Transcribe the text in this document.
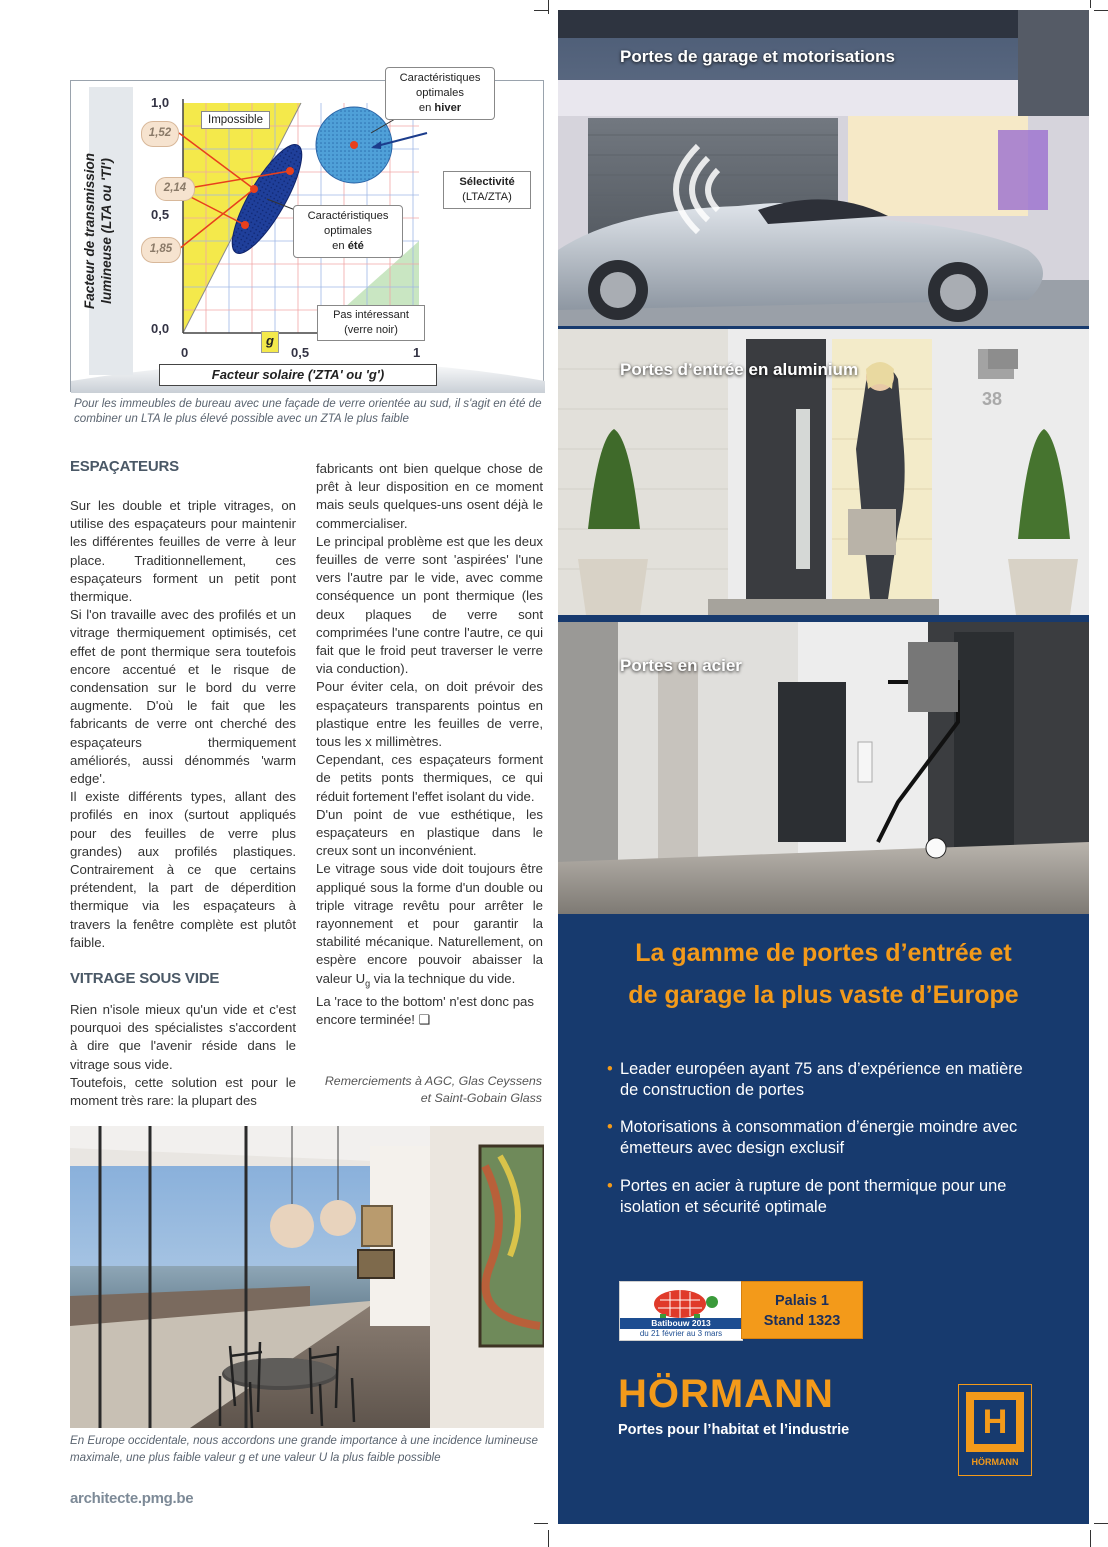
Facteur de transmission lumineuse (LTA ou 'Tl')
Facteur solaire ('ZTA' ou 'g')
1,0
0,5
0,0
0	0,5	1
g
1,52
2,14
1,85
Impossible
Caractéristiques
optimales
en hiver
Caractéristiques
optimales
en été
Sélectivité
(LTA/ZTA)
Pas intéressant
(verre noir)
Pour les immeubles de bureau avec une façade de verre orientée au sud, il s'agit en été de combiner un LTA le plus élevé possible avec un ZTA le plus faible
ESPAÇATEURS

Sur les double et triple vitrages, on utilise des espaçateurs pour maintenir les différentes feuilles de verre à leur place. Traditionnellement, ces espaçateurs forment un petit pont thermique.

Si l'on travaille avec des profilés et un vitrage thermiquement optimisés, cet effet de pont thermique sera toutefois encore accentué et le risque de condensation sur le bord du verre augmente. D'où le fait que les fabricants de verre ont cherché des espaçateurs thermiquement améliorés, aussi dénommés 'warm edge'.

Il existe différents types, allant des profilés en inox (surtout appliqués pour des feuilles de verre plus grandes) aux profilés plastiques. Contrairement à ce que certains prétendent, la part de déperdition thermique via les espaçateurs à travers la fenêtre complète est plutôt faible.

VITRAGE SOUS VIDE

Rien n'isole mieux qu'un vide et c'est pourquoi des spécialistes s'accordent à dire que l'avenir réside dans le vitrage sous vide.

Toutefois, cette solution est pour le moment très rare: la plupart des

fabricants ont bien quelque chose de prêt à leur disposition en ce moment mais seuls quelques-uns osent déjà le commercialiser.

Le principal problème est que les deux feuilles de verre sont 'aspirées' l'une vers l'autre par le vide, avec comme conséquence un pont thermique (les deux plaques de verre sont comprimées l'une contre l'autre, ce qui fait que le froid peut traverser le verre via conduction).

Pour éviter cela, on doit prévoir des espaçateurs transparents pointus en plastique entre les feuilles de verre, tous les x millimètres.

Cependant, ces espaçateurs forment de petits ponts thermiques, ce qui réduit fortement l'effet isolant du vide.

D'un point de vue esthétique, les espaçateurs en plastique dans le creux sont un inconvénient.

Le vitrage sous vide doit toujours être appliqué sous la forme d'un double ou triple vitrage revêtu pour arrêter le rayonnement et pour garantir la stabilité mécanique. Naturellement, on espère encore pouvoir abaisser la valeur $U_g$ via la technique du vide.

La 'race to the bottom' n'est donc pas encore terminée! ❑

Remerciements à AGC, Glas Ceyssens et Saint-Gobain Glass
En Europe occidentale, nous accordons une grande importance à une incidence lumineuse maximale, une plus faible valeur g et une valeur U la plus faible possible
architecte.pmg.be
Portes de garage et motorisations
Portes d’entrée en aluminium
38
Portes en acier
La gamme de portes d’entrée et
de garage la plus vaste d’Europe
• Leader européen ayant 75 ans d’expérience en matière de construction de portes
• Motorisations à consommation d’énergie moindre avec émetteurs avec design exclusif
• Portes en acier à rupture de pont thermique pour une isolation et sécurité optimale
Batibouw 2013
du 21 février au 3 mars
Palais 1
Stand 1323
HÖRMANN
Portes pour l’habitat et l’industrie	H
HÖRMANN
